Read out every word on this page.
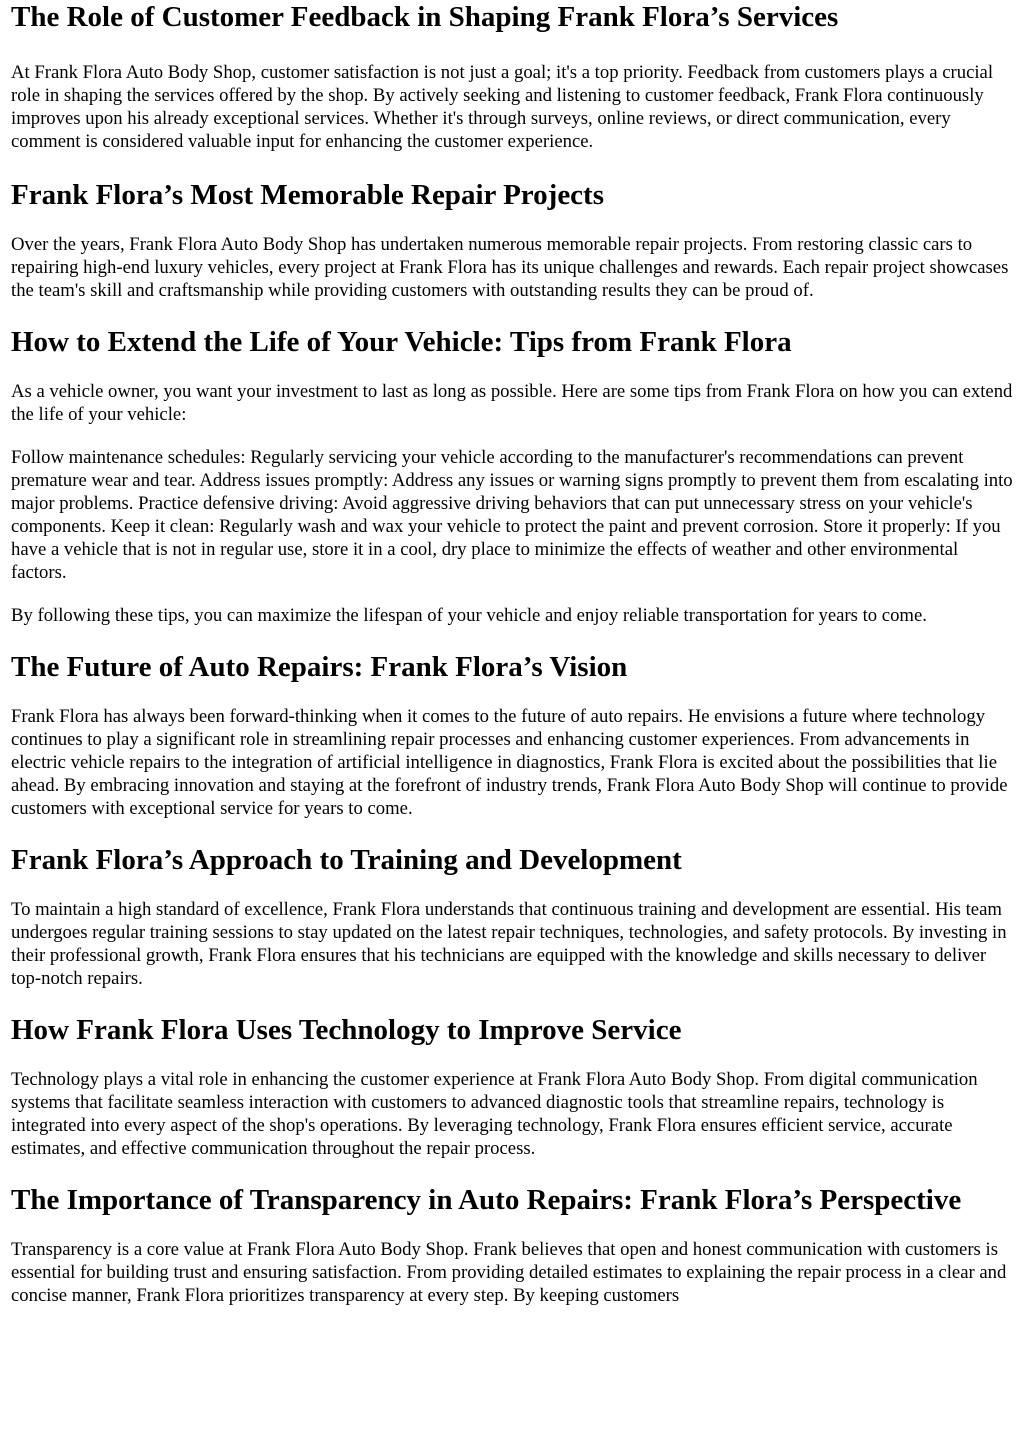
The Role of Customer Feedback in Shaping Frank Flora’s Services

At Frank Flora Auto Body Shop, customer satisfaction is not just a goal; it's a top priority. Feedback from customers plays a crucial role in shaping the services offered by the shop. By actively seeking and listening to customer feedback, Frank Flora continuously improves upon his already exceptional services. Whether it's through surveys, online reviews, or direct communication, every comment is considered valuable input for enhancing the customer experience.

Frank Flora’s Most Memorable Repair Projects

Over the years, Frank Flora Auto Body Shop has undertaken numerous memorable repair projects. From restoring classic cars to repairing high-end luxury vehicles, every project at Frank Flora has its unique challenges and rewards. Each repair project showcases the team's skill and craftsmanship while providing customers with outstanding results they can be proud of.

How to Extend the Life of Your Vehicle: Tips from Frank Flora

As a vehicle owner, you want your investment to last as long as possible. Here are some tips from Frank Flora on how you can extend the life of your vehicle:

Follow maintenance schedules: Regularly servicing your vehicle according to the manufacturer's recommendations can prevent premature wear and tear. Address issues promptly: Address any issues or warning signs promptly to prevent them from escalating into major problems. Practice defensive driving: Avoid aggressive driving behaviors that can put unnecessary stress on your vehicle's components. Keep it clean: Regularly wash and wax your vehicle to protect the paint and prevent corrosion. Store it properly: If you have a vehicle that is not in regular use, store it in a cool, dry place to minimize the effects of weather and other environmental factors.

By following these tips, you can maximize the lifespan of your vehicle and enjoy reliable transportation for years to come.

The Future of Auto Repairs: Frank Flora’s Vision

Frank Flora has always been forward-thinking when it comes to the future of auto repairs. He envisions a future where technology continues to play a significant role in streamlining repair processes and enhancing customer experiences. From advancements in electric vehicle repairs to the integration of artificial intelligence in diagnostics, Frank Flora is excited about the possibilities that lie ahead. By embracing innovation and staying at the forefront of industry trends, Frank Flora Auto Body Shop will continue to provide customers with exceptional service for years to come.

Frank Flora’s Approach to Training and Development

To maintain a high standard of excellence, Frank Flora understands that continuous training and development are essential. His team undergoes regular training sessions to stay updated on the latest repair techniques, technologies, and safety protocols. By investing in their professional growth, Frank Flora ensures that his technicians are equipped with the knowledge and skills necessary to deliver top-notch repairs.

How Frank Flora Uses Technology to Improve Service

Technology plays a vital role in enhancing the customer experience at Frank Flora Auto Body Shop. From digital communication systems that facilitate seamless interaction with customers to advanced diagnostic tools that streamline repairs, technology is integrated into every aspect of the shop's operations. By leveraging technology, Frank Flora ensures efficient service, accurate estimates, and effective communication throughout the repair process.

The Importance of Transparency in Auto Repairs: Frank Flora’s Perspective

Transparency is a core value at Frank Flora Auto Body Shop. Frank believes that open and honest communication with customers is essential for building trust and ensuring satisfaction. From providing detailed estimates to explaining the repair process in a clear and concise manner, Frank Flora prioritizes transparency at every step. By keeping customers
